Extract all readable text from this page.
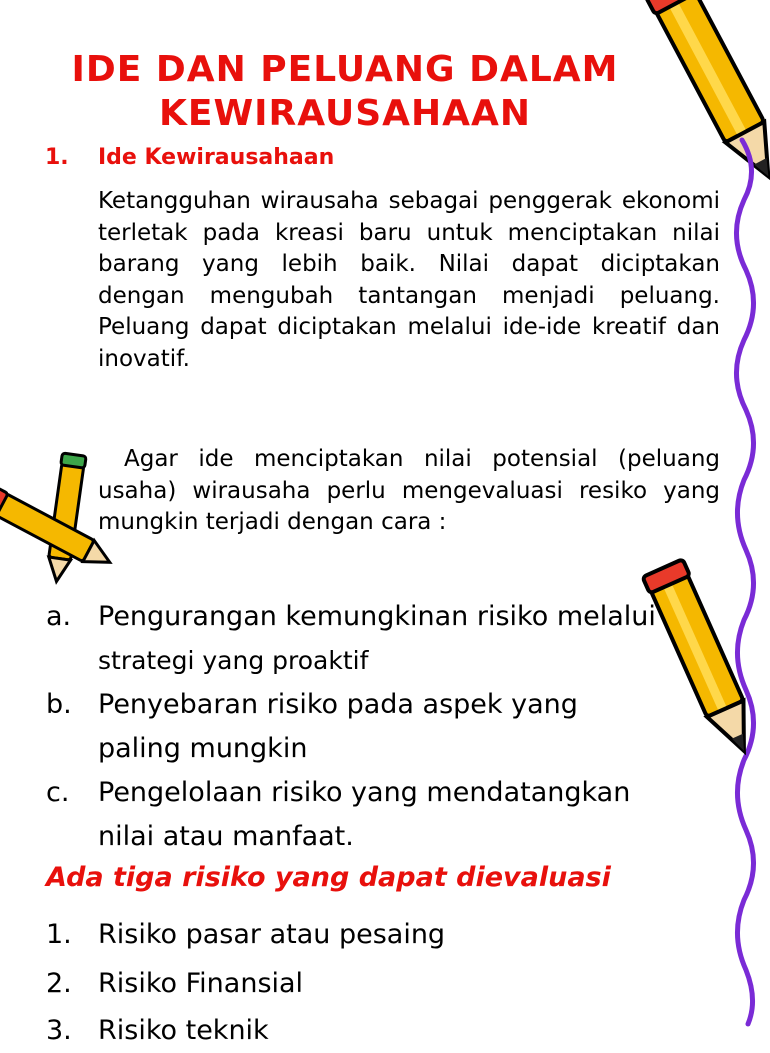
IDE DAN PELUANG DALAM
KEWIRAUSAHAAN
1. Ide Kewirausahaan

Ketangguhan wirausaha sebagai penggerak ekonomi terletak pada kreasi baru untuk menciptakan nilai barang yang lebih baik. Nilai dapat diciptakan dengan mengubah tantangan menjadi peluang. Peluang dapat diciptakan melalui ide-ide kreatif dan inovatif.

Agar ide menciptakan nilai potensial (peluang usaha) wirausaha perlu mengevaluasi resiko yang mungkin terjadi dengan cara :

a. Pengurangan kemungkinan risiko melalui
strategi yang proaktif
b. Penyebaran risiko pada aspek yang
paling mungkin
c. Pengelolaan risiko yang mendatangkan
nilai atau manfaat.
Ada tiga risiko yang dapat dievaluasi
1. Risiko pasar atau pesaing
2. Risiko Finansial
3. Risiko teknik
